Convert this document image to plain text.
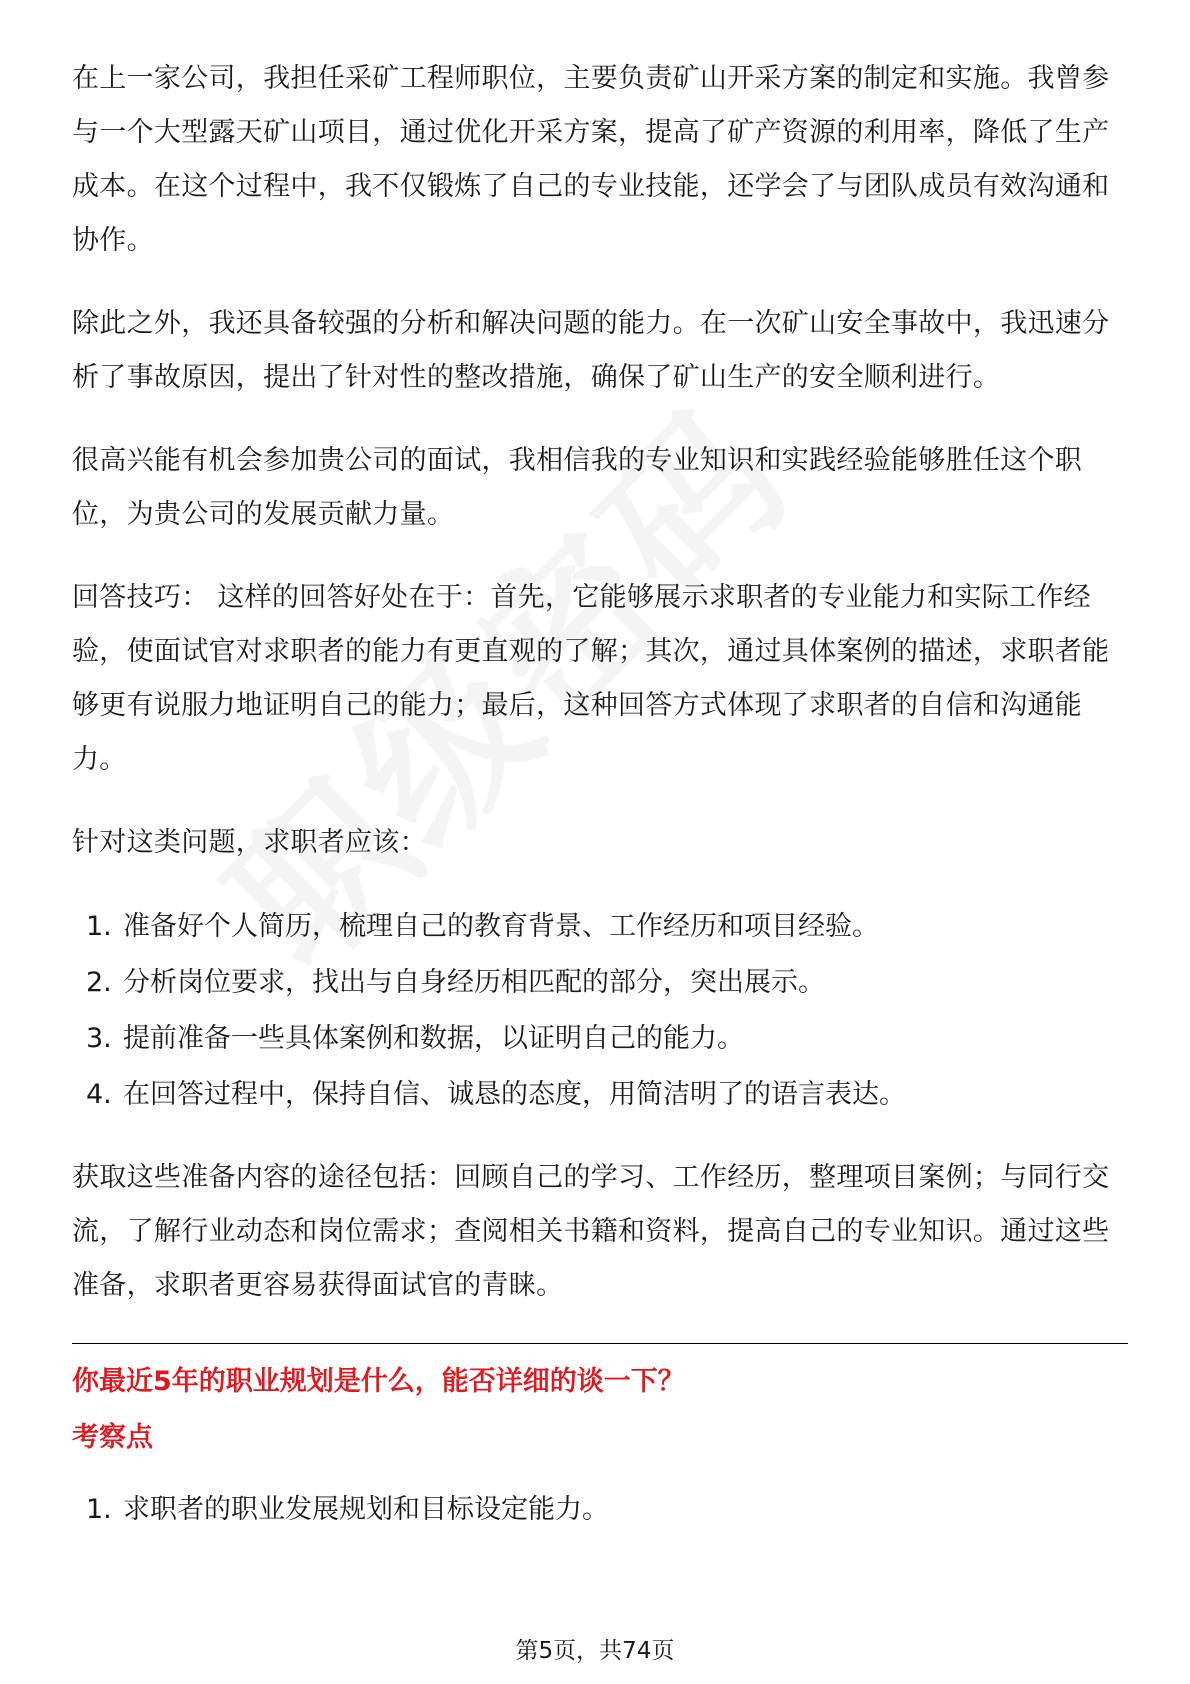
在上一家公司，我担任采矿工程师职位，主要负责矿山开采方案的制定和实施。我曾参与一个大型露天矿山项目，通过优化开采方案，提高了矿产资源的利用率，降低了生产成本。在这个过程中，我不仅锻炼了自己的专业技能，还学会了与团队成员有效沟通和协作。

除此之外，我还具备较强的分析和解决问题的能力。在一次矿山安全事故中，我迅速分析了事故原因，提出了针对性的整改措施，确保了矿山生产的安全顺利进行。

很高兴能有机会参加贵公司的面试，我相信我的专业知识和实践经验能够胜任这个职位，为贵公司的发展贡献力量。

回答技巧： 这样的回答好处在于：首先，它能够展示求职者的专业能力和实际工作经验，使面试官对求职者的能力有更直观的了解；其次，通过具体案例的描述，求职者能够更有说服力地证明自己的能力；最后，这种回答方式体现了求职者的自信和沟通能力。

针对这类问题，求职者应该：

1. 准备好个人简历，梳理自己的教育背景、工作经历和项目经验。
2. 分析岗位要求，找出与自身经历相匹配的部分，突出展示。
3. 提前准备一些具体案例和数据，以证明自己的能力。
4. 在回答过程中，保持自信、诚恳的态度，用简洁明了的语言表达。

获取这些准备内容的途径包括：回顾自己的学习、工作经历，整理项目案例；与同行交流，了解行业动态和岗位需求；查阅相关书籍和资料，提高自己的专业知识。通过这些准备，求职者更容易获得面试官的青睐。

你最近5年的职业规划是什么，能否详细的谈一下？

考察点

1. 求职者的职业发展规划和目标设定能力。
第5页，共74页
